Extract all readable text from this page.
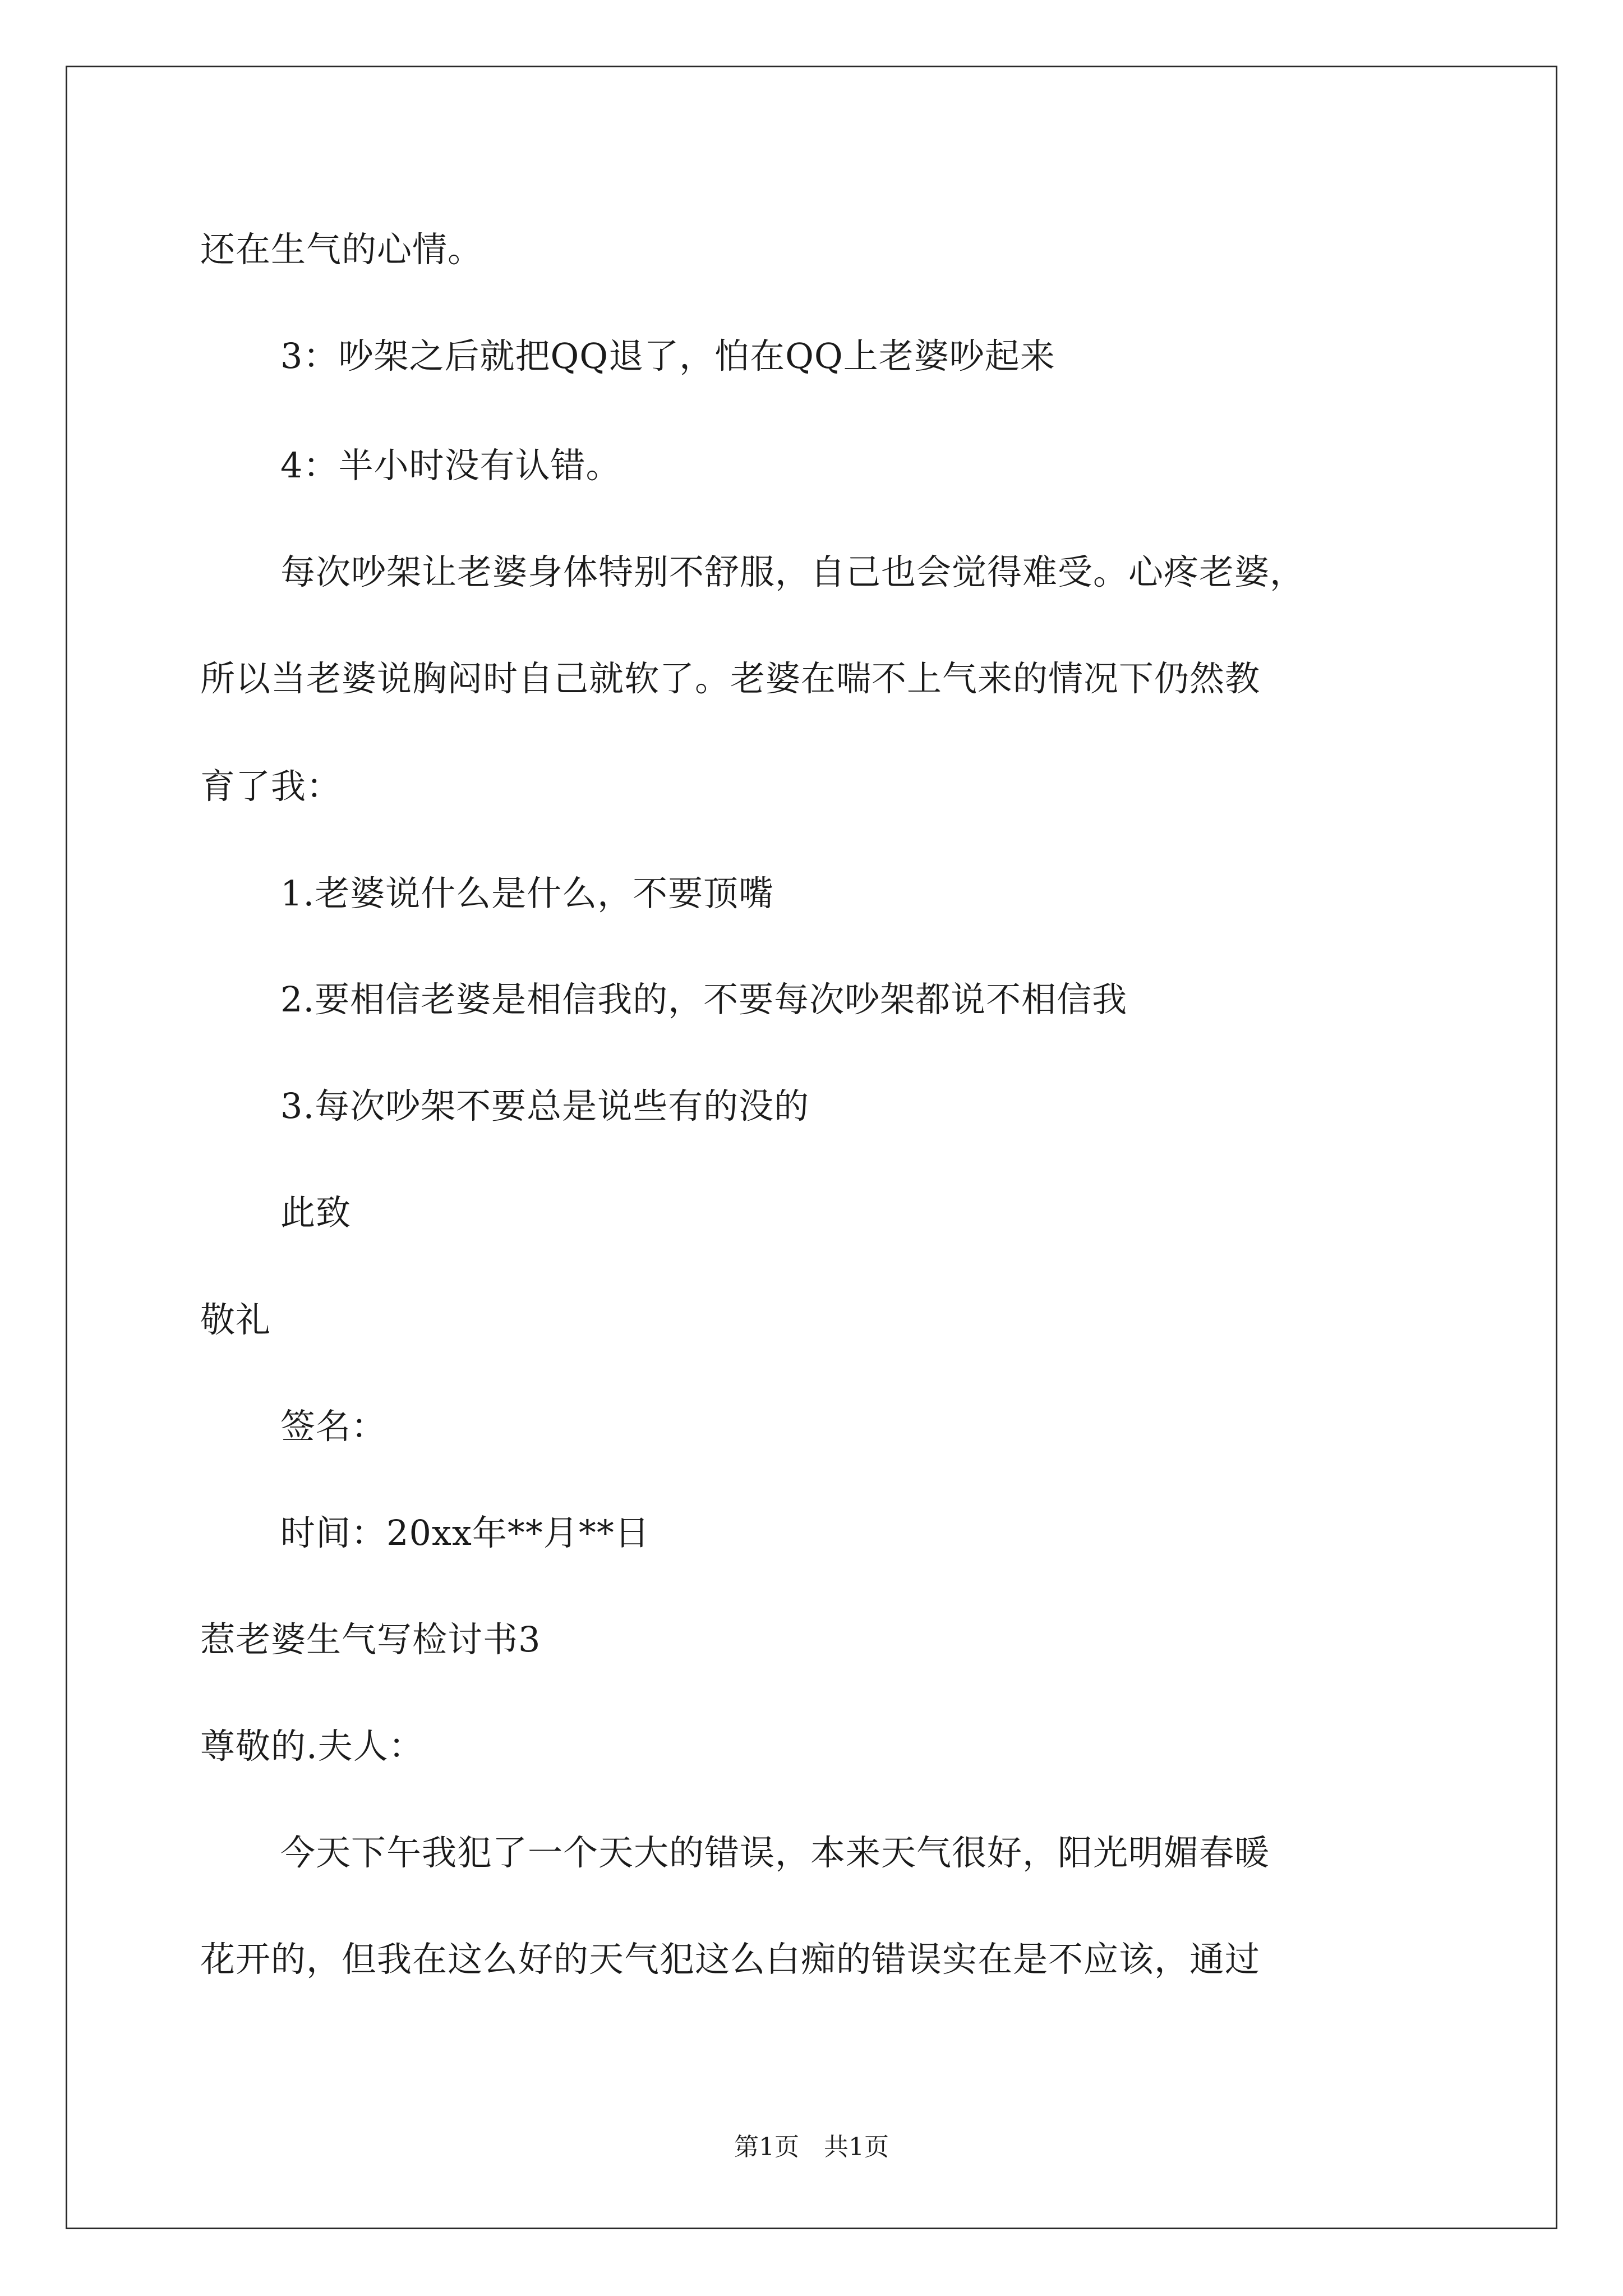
还在生气的心情。
3：吵架之后就把QQ退了，怕在QQ上老婆吵起来
4：半小时没有认错。
每次吵架让老婆身体特别不舒服，自己也会觉得难受。心疼老婆，
所以当老婆说胸闷时自己就软了。老婆在喘不上气来的情况下仍然教
育了我：
1.老婆说什么是什么，不要顶嘴
2.要相信老婆是相信我的，不要每次吵架都说不相信我
3.每次吵架不要总是说些有的没的
此致
敬礼
签名：
时间：20xx年**月**日
惹老婆生气写检讨书3
尊敬的.夫人：
今天下午我犯了一个天大的错误，本来天气很好，阳光明媚春暖
花开的，但我在这么好的天气犯这么白痴的错误实在是不应该，通过
第1页　共1页
